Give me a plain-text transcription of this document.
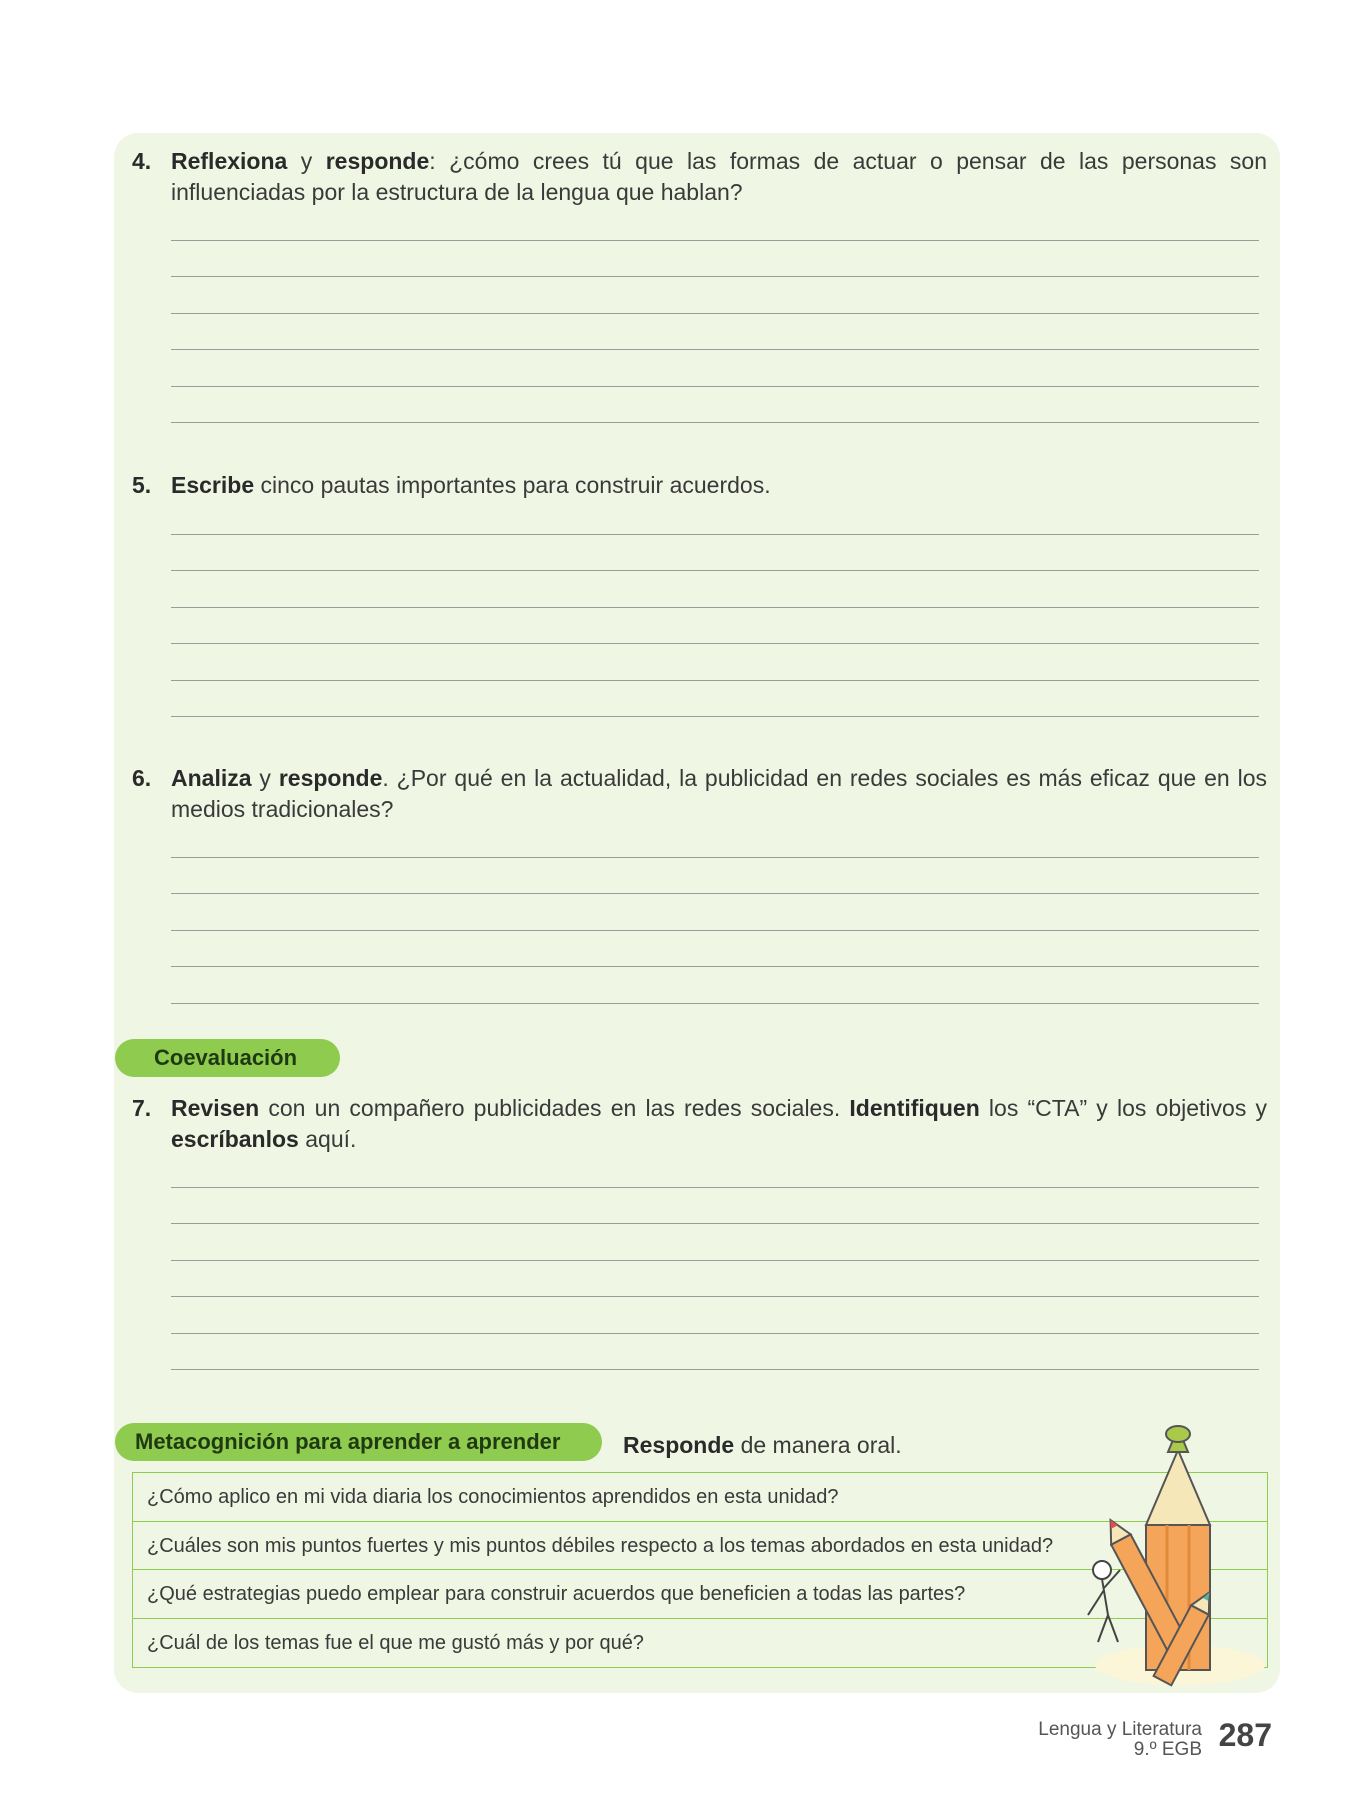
4. Reflexiona y responde: ¿cómo crees tú que las formas de actuar o pensar de las personas son influenciadas por la estructura de la lengua que hablan?
5. Escribe cinco pautas importantes para construir acuerdos.
6. Analiza y responde. ¿Por qué en la actualidad, la publicidad en redes sociales es más eficaz que en los medios tradicionales?
Coevaluación
7. Revisen con un compañero publicidades en las redes sociales. Identifiquen los “CTA” y los objetivos y escríbanlos aquí.
Metacognición para aprender a aprender	Responde de manera oral.
¿Cómo aplico en mi vida diaria los conocimientos aprendidos en esta unidad?
¿Cuáles son mis puntos fuertes y mis puntos débiles respecto a los temas abordados en esta unidad?
¿Qué estrategias puedo emplear para construir acuerdos que beneficien a todas las partes?
¿Cuál de los temas fue el que me gustó más y por qué?
Lengua y Literatura
9.º EGB 287
